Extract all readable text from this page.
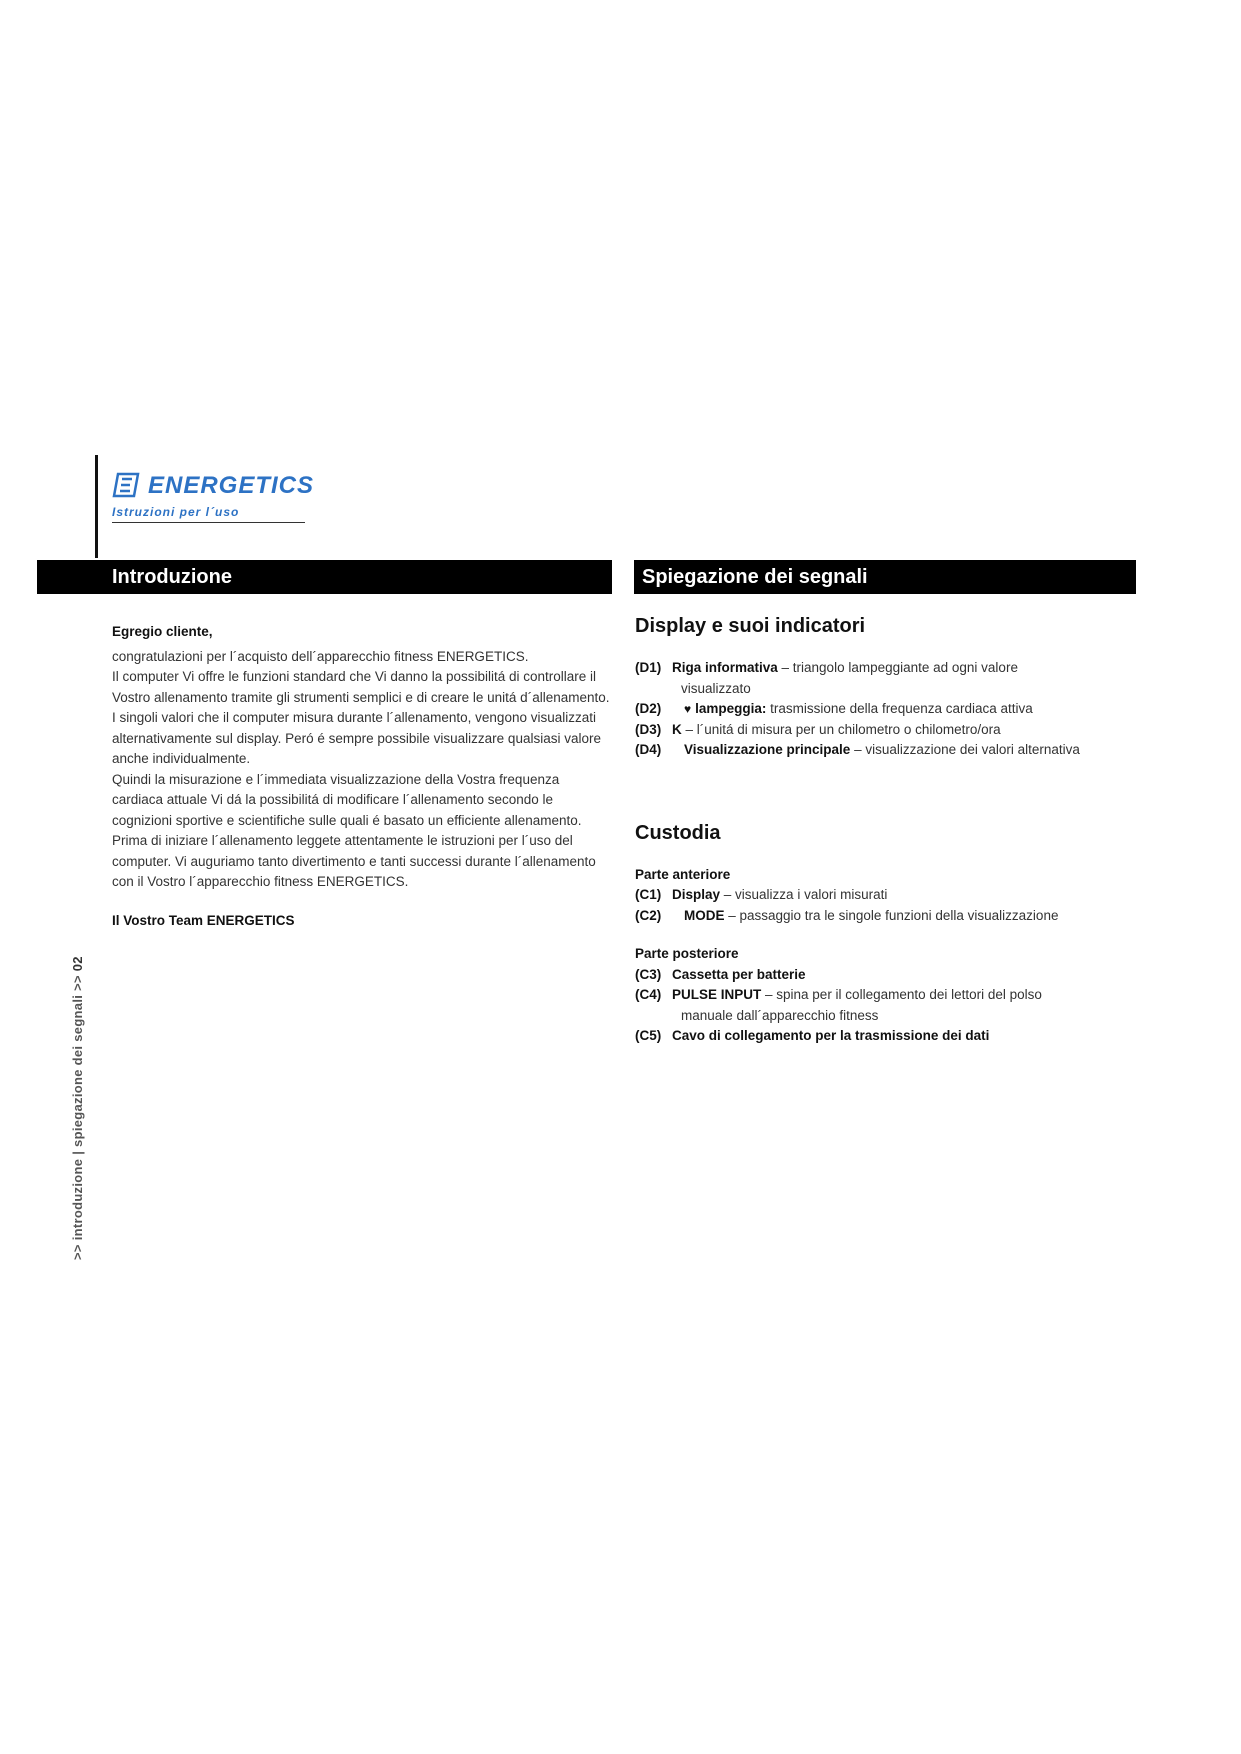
ENERGETICS
Istruzioni per l´uso
Introduzione	Spiegazione dei segnali

Egregio cliente,

congratulazioni per l´acquisto dell´apparecchio fitness ENERGETICS.

Il computer Vi offre le funzioni standard che Vi danno la possibilitá di controllare il Vostro allenamento tramite gli strumenti semplici e di creare le unitá d´allenamento.

I singoli valori che il computer misura durante l´allenamento, vengono visualizzati alternativamente sul display. Peró é sempre possibile visualizzare qualsiasi valore anche individualmente.

Quindi la misurazione e l´immediata visualizzazione della Vostra frequenza cardiaca attuale Vi dá la possibilitá di modificare l´allenamento secondo le cognizioni sportive e scientifiche sulle quali é basato un efficiente allenamento.

Prima di iniziare l´allenamento leggete attentamente le istruzioni per l´uso del computer. Vi auguriamo tanto divertimento e tanti successi durante l´allenamento con il Vostro l´apparecchio fitness ENERGETICS.

Il Vostro Team ENERGETICS

Display e suoi indicatori
(D1) Riga informativa – triangolo lampeggiante ad ogni valore
visualizzato
(D2)	♥ lampeggia: trasmissione della frequenza cardiaca attiva
(D3) K – l´unitá di misura per un chilometro o chilometro/ora
(D4)	Visualizzazione principale – visualizzazione dei valori alternativa
Custodia
Parte anteriore
(C1) Display – visualizza i valori misurati
(C2)	MODE – passaggio tra le singole funzioni della visualizzazione
Parte posteriore
(C3) Cassetta per batterie
(C4) PULSE INPUT – spina per il collegamento dei lettori del polso
manuale dall´apparecchio fitness
(C5) Cavo di collegamento per la trasmissione dei dati
>> introduzione | spiegazione dei segnali >> 02
